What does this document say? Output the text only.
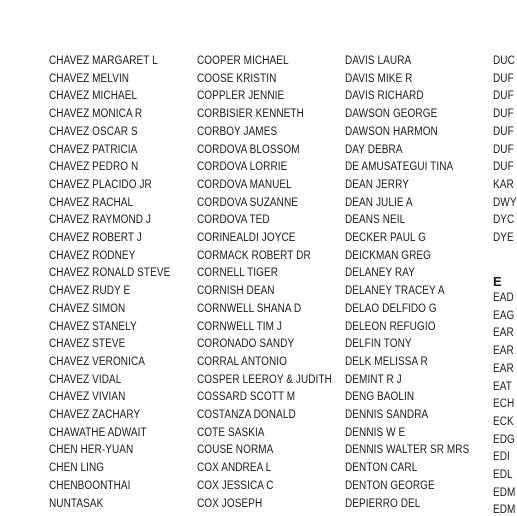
CHAVEZ MARGARET L
CHAVEZ MELVIN
CHAVEZ MICHAEL
CHAVEZ MONICA R
CHAVEZ OSCAR S
CHAVEZ PATRICIA
CHAVEZ PEDRO N
CHAVEZ PLACIDO JR
CHAVEZ RACHAL
CHAVEZ RAYMOND J
CHAVEZ ROBERT J
CHAVEZ RODNEY
CHAVEZ RONALD STEVE
CHAVEZ RUDY E
CHAVEZ SIMON
CHAVEZ STANELY
CHAVEZ STEVE
CHAVEZ VERONICA
CHAVEZ VIDAL
CHAVEZ VIVIAN
CHAVEZ ZACHARY
CHAWATHE ADWAIT
CHEN HER-YUAN
CHEN LING
CHENBOONTHAI
NUNTASAK
COOPER MICHAEL
COOSE KRISTIN
COPPLER JENNIE
CORBISIER KENNETH
CORBOY JAMES
CORDOVA BLOSSOM
CORDOVA LORRIE
CORDOVA MANUEL
CORDOVA SUZANNE
CORDOVA TED
CORINEALDI JOYCE
CORMACK ROBERT DR
CORNELL TIGER
CORNISH DEAN
CORNWELL SHANA D
CORNWELL TIM J
CORONADO SANDY
CORRAL ANTONIO
COSPER LEEROY & JUDITH
COSSARD SCOTT M
COSTANZA DONALD
COTE SASKIA
COUSE NORMA
COX ANDREA L
COX JESSICA C
COX JOSEPH
DAVIS LAURA
DAVIS MIKE R
DAVIS RICHARD
DAWSON GEORGE
DAWSON HARMON
DAY DEBRA
DE AMUSATEGUI TINA
DEAN JERRY
DEAN JULIE A
DEANS NEIL
DECKER PAUL G
DEICKMAN GREG
DELANEY RAY
DELANEY TRACEY A
DELAO DELFIDO G
DELEON REFUGIO
DELFIN TONY
DELK MELISSA R
DEMINT R J
DENG BAOLIN
DENNIS SANDRA
DENNIS W E
DENNIS WALTER SR MRS
DENTON CARL
DENTON GEORGE
DEPIERRO DEL
E
DUC
DUF
DUF
DUF
DUF
DUF
DUF
KAR
DWY
DYC
DYE
EAD
EAG
EAR
EAR
EAR
EAT
ECH
ECK
EDG
EDI
EDL
EDM
EDM
